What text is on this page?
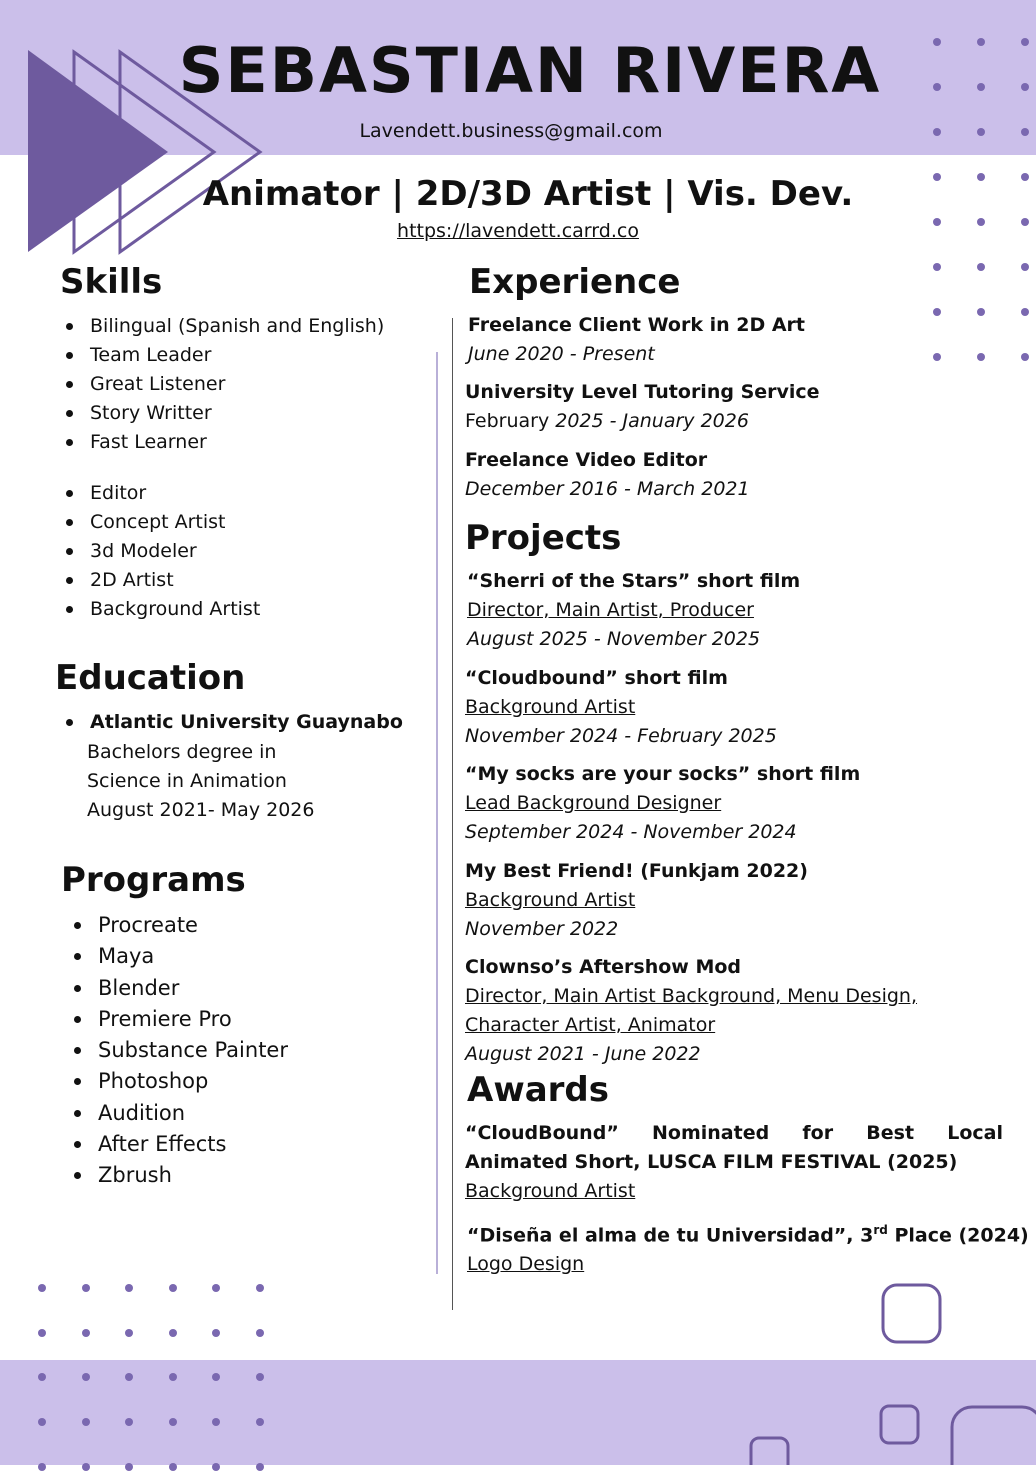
SEBASTIAN RIVERA
Lavendett.business@gmail.com
Animator | 2D/3D Artist | Vis. Dev.
https://lavendett.carrd.co
Skills
Bilingual (Spanish and English)
Team Leader
Great Listener
Story Writter
Fast Learner
Editor
Concept Artist
3d Modeler
2D Artist
Background Artist
Education
Atlantic University Guaynabo
Bachelors degree in
Science in Animation
August 2021- May 2026
Programs
Procreate
Maya
Blender
Premiere Pro
Substance Painter
Photoshop
Audition
After Effects
Zbrush
Experience
Freelance Client Work in 2D Art
June 2020 - Present
University Level Tutoring Service
February 2025 - January 2026
Freelance Video Editor
December 2016 - March 2021
Projects
“Sherri of the Stars” short film
Director, Main Artist, Producer
August 2025 - November 2025
“Cloudbound” short film
Background Artist
November 2024 - February 2025
“My socks are your socks” short film
Lead Background Designer
September 2024 - November 2024
My Best Friend! (Funkjam 2022)
Background Artist
November 2022
Clownso’s Aftershow Mod
Director, Main Artist Background, Menu Design,
Character Artist, Animator
August 2021 - June 2022
Awards
“CloudBound” Nominated for Best Local Animated Short, LUSCA FILM FESTIVAL (2025)
Background Artist
“Diseña el alma de tu Universidad”, 3rd Place (2024)
Logo Design
